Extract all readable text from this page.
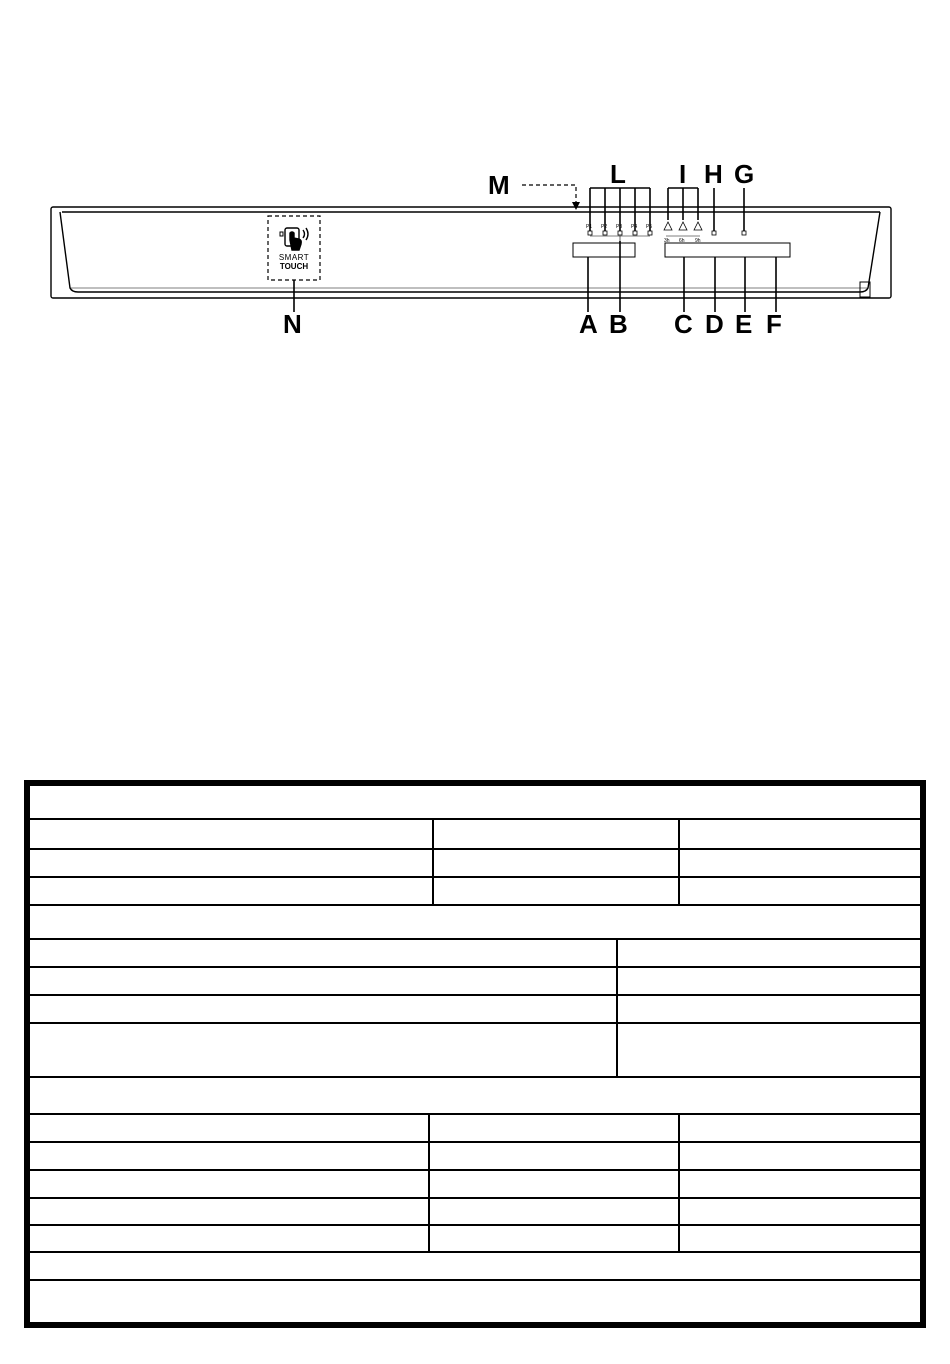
SMART
TOUCH
P1 P2 P3 P4 P5
3h 6h 9h
M	L I H G
N	A B C D E F
